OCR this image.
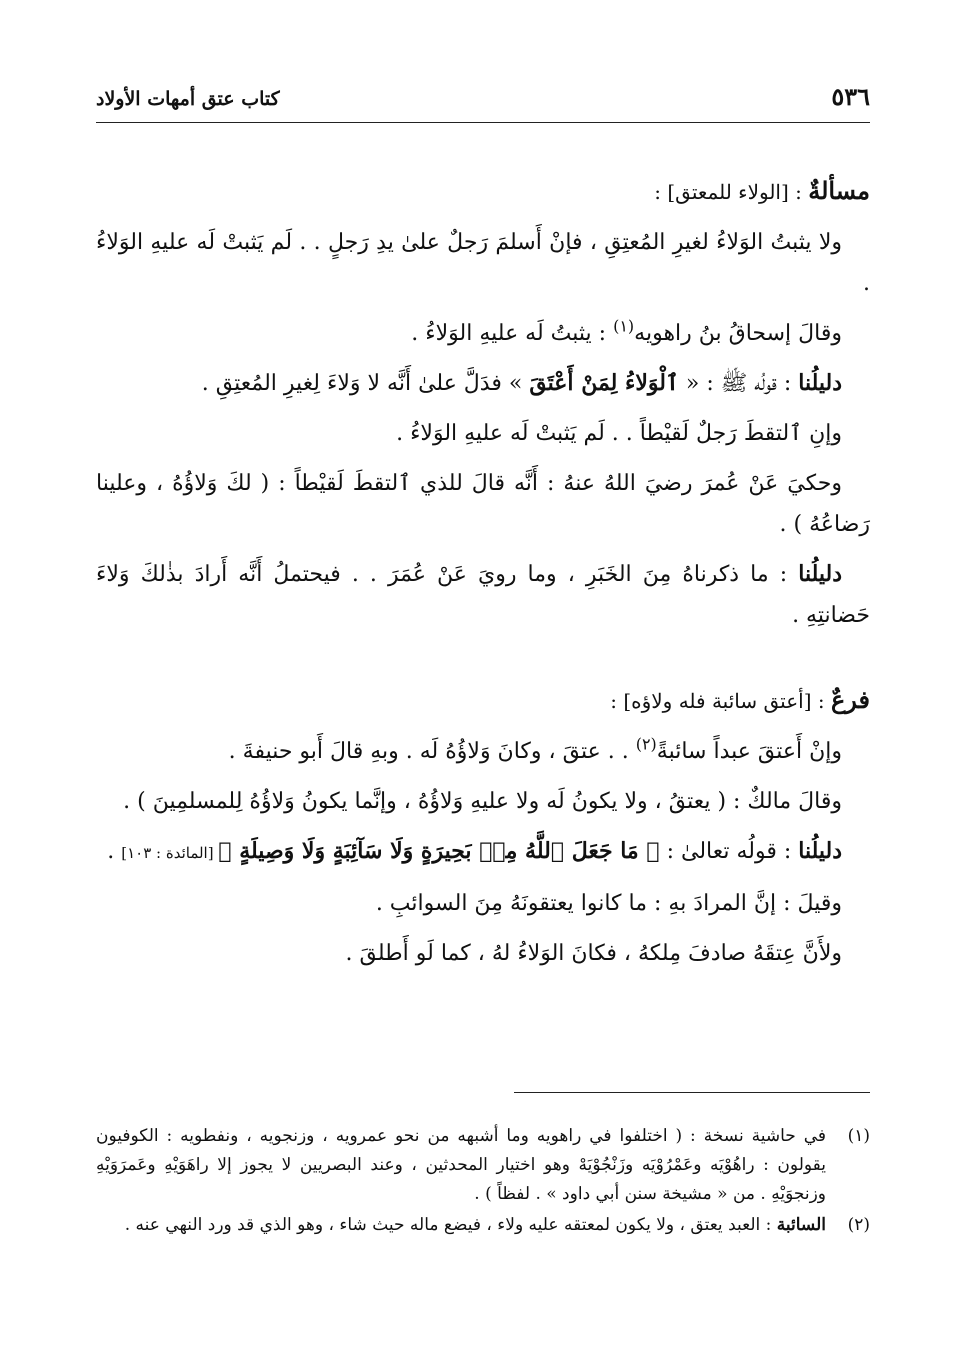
٥٣٦
كتاب عتق أمهات الأولاد

مسألةٌ : [الولاء للمعتق] :

ولا يثبتُ الوَلاءُ لغيرِ المُعتِقِ ، فإنْ أَسلمَ رَجلٌ علىٰ يدِ رَجلٍ . . لَم يَثبتْ لَه عليهِ الوَلاءُ .

وقالَ إسحاقُ بنُ راهويه$^{(١)}$ : يثبتُ لَه عليهِ الوَلاءُ .

دليلُنا : قولُه ﷺ : « ٱلْوَلاءُ لِمَنْ أَعْتَقَ » فدَلَّ علىٰ أَنَّه لا وَلاءَ لِغيرِ المُعتِقِ .

وإنِ ٱلتقطَ رَجلٌ لَقيْطاً . . لَم يَثبتْ لَه عليهِ الوَلاءُ .

وحكيَ عَنْ عُمرَ رضيَ اللهُ عنهُ : أَنَّه قالَ للذي ٱلتقطَ لَقيْطاً : ( لكَ وَلاؤُهُ ، وعلينا رَضاعُهُ ) .

دليلُنا : ما ذكرناهُ مِنَ الخَبَرِ ، وما رويَ عَنْ عُمَرَ . . فيحتملُ أَنَّه أَرادَ بذٰلكَ وَلاءَ حَضانتِهِ .

فرعٌ : [أعتق سائبة فله ولاؤه] :

وإنْ أَعتقَ عبداً سائبةً$^{(٢)}$ . . عتقَ ، وكانَ وَلاؤُهُ لَه . وبهِ قالَ أَبو حنيفةَ .

وقالَ مالكٌ : ( يعتقُ ، ولا يكونُ لَه ولا عليهِ وَلاؤُهُ ، وإنَّما يكونُ وَلاؤُهُ لِلمسلمِينَ ) .

دليلُنا : قولُه تعالىٰ : ﴿ مَا جَعَلَ ٱللَّهُ مِنۢ بَحِيرَةٍ وَلَا سَآئِبَةٍ وَلَا وَصِيلَةٍ ﴾ [المائدة : ١٠٣] .

وقيلَ : إنَّ المرادَ بهِ : ما كانوا يعتقونَهُ مِنَ السوائبِ .

ولأَنَّ عِتقَهُ صادفَ مِلكهُ ، فكانَ الوَلاءُ لهُ ، كما لَو أَطلقَ .

(١)
في حاشية نسخة : ( اختلفوا في راهويه وما أشبهه من نحو عمرويه ، وزنجويه ، ونفطويه : الكوفيون يقولون : راهُوْيَه وعَمْرُوْيَه وزَنْجُوْيَهْ وهو اختيار المحدثين ، وعند البصريين لا يجوز إلا راهَوَيْهِ وعَمرَوَيْهِ وزنجوَيْهِ . من « مشيخة سنن أبي داود » . لفظاً ) .
(٢)
السائبة : العبد يعتق ، ولا يكون لمعتقه عليه ولاء ، فيضع ماله حيث شاء ، وهو الذي قد ورد النهي عنه .
